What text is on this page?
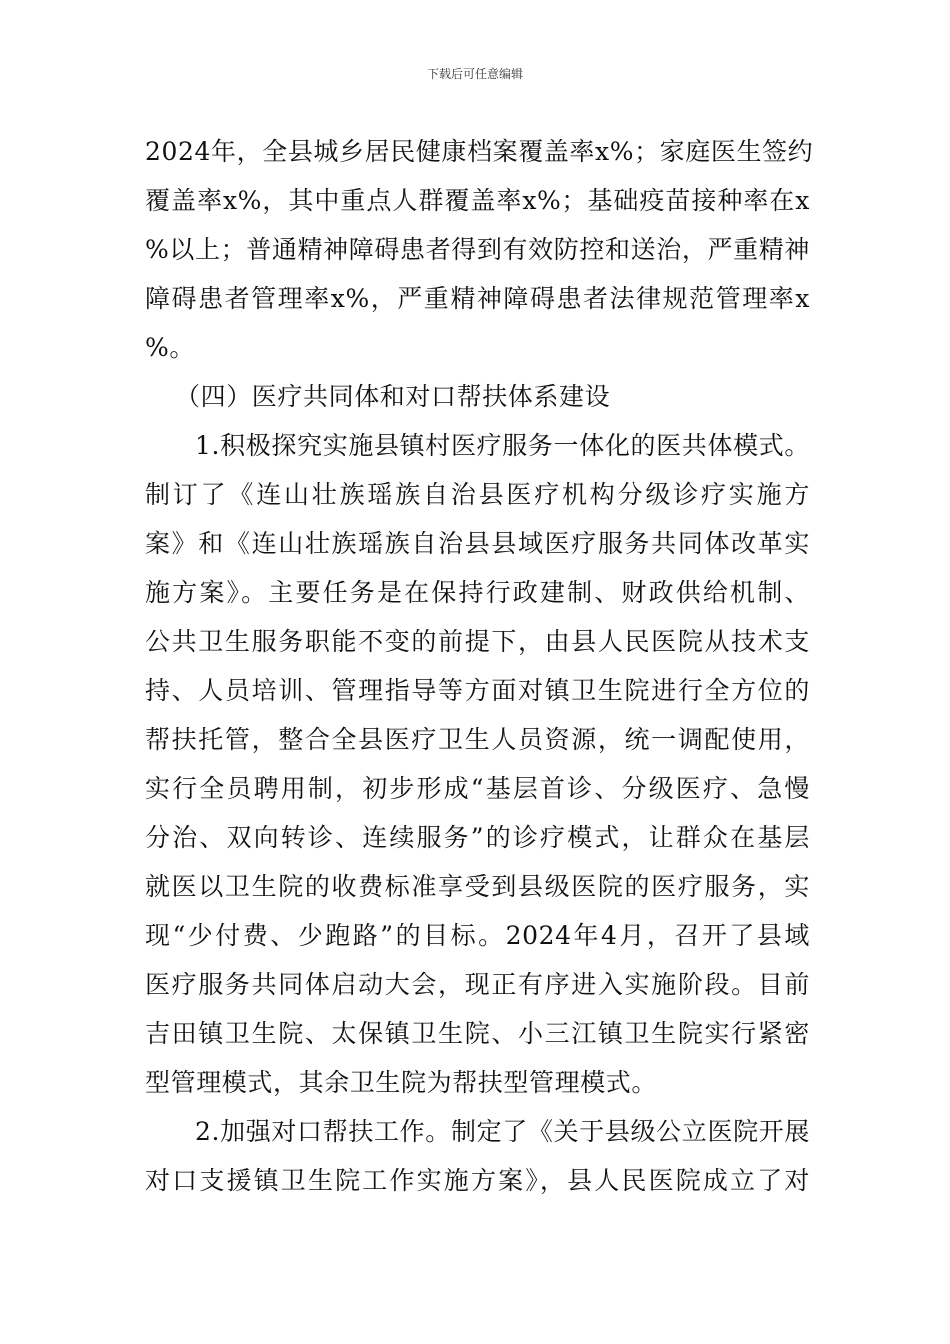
下载后可任意编辑
2024年，全县城乡居民健康档案覆盖率x%；家庭医生签约
覆盖率x%，其中重点人群覆盖率x%；基础疫苗接种率在x
%以上；普通精神障碍患者得到有效防控和送治，严重精神
障碍患者管理率x%，严重精神障碍患者法律规范管理率x
%。
（四）医疗共同体和对口帮扶体系建设
1.积极探究实施县镇村医疗服务一体化的医共体模式。
制订了《连山壮族瑶族自治县医疗机构分级诊疗实施方
案》和《连山壮族瑶族自治县县域医疗服务共同体改革实
施方案》。主要任务是在保持行政建制、财政供给机制、
公共卫生服务职能不变的前提下，由县人民医院从技术支
持、人员培训、管理指导等方面对镇卫生院进行全方位的
帮扶托管，整合全县医疗卫生人员资源，统一调配使用，
实行全员聘用制，初步形成“基层首诊、分级医疗、急慢
分治、双向转诊、连续服务”的诊疗模式，让群众在基层
就医以卫生院的收费标准享受到县级医院的医疗服务，实
现“少付费、少跑路”的目标。2024年4月，召开了县域
医疗服务共同体启动大会，现正有序进入实施阶段。目前
吉田镇卫生院、太保镇卫生院、小三江镇卫生院实行紧密
型管理模式，其余卫生院为帮扶型管理模式。
2.加强对口帮扶工作。制定了《关于县级公立医院开展
对口支援镇卫生院工作实施方案》，县人民医院成立了对
